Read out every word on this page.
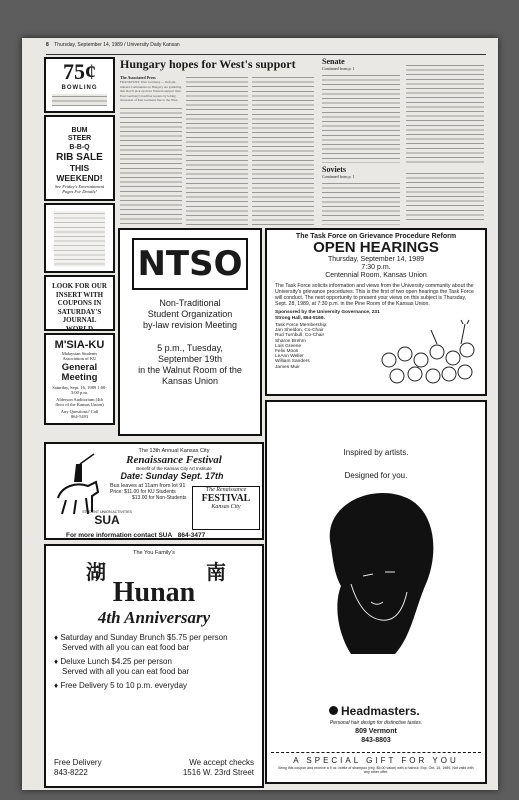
8 Thursday, September 14, 1989 / University Daily Kansan
75¢
BOWLING
BUM
STEER
B-B-Q
RIB SALE
THIS WEEKEND!
See Friday's Entertainment Pages For Details!
LOOK FOR OUR INSERT WITH COUPONS IN SATURDAY'S JOURNAL WORLD
M'SIA-KU
Malaysian Students Association of KU
General Meeting
Saturday, Sept. 16, 1989 1:00-3:00 p.m.
Alderson Auditorium (4th floor of the Kansas Union)
Any Questions? Call 864-5493
Hungary hopes for West's support
The Associated Press
FRANKFURT, West Germany — Reform-minded Communists in Hungary are gambling that they'll pick up more Western support than East Germany's hardline leaders by letting thousands of East Germans flee to the West.
Senate
Continued from p. 1
Soviets
Continued from p. 1
NTSO
Non-Traditional
Student Organization
by-law revision Meeting
5 p.m., Tuesday,
September 19th
in the Walnut Room of the
Kansas Union
The Task Force on Grievance Procedure Reform
OPEN HEARINGS
Thursday, September 14, 1989
7:30 p.m.
Centennial Room, Kansas Union
The Task Force solicits information and views from the University community about the University's grievance procedures. This is the first of two open hearings the Task Force will conduct. The next opportunity to present your views on this subject is Thursday, Sept. 28, 1989, at 7:30 p.m. in the Pine Room of the Kansas Union.
Sponsored by the University Governance, 231 Strong Hall, 864-5169.
Task Force Membership:
Jan Sheldon, Co-Chair
Rud Turnbull, Co-Chair
Sharon Brehm
Lois Greene
Felix Moos
LeAnn Weller
William Sanders
James Muir
Inspired by artists.
Designed for you.
Headmasters.
Personal hair design for distinctive tastes.
809 Vermont
843-8803
A SPECIAL GIFT FOR YOU
Bring this coupon and receive a 9 oz. bottle of shampoo (reg. $5.00 value) with a haircut. Exp. Oct. 15, 1989. Not valid with any other offer.
The 13th Annual Kansas City
Renaissance Festival
Benefit of the Kansas City Art Institute
Date: Sunday Sept. 17th
Bus leaves at 11am from lot 91
Price: $11.00 for KU Students
$13.00 for Non-Students
The Renaissance
FESTIVAL
Kansas City
STUDENT UNION ACTIVITIES
SUA
For more information contact SUA 864-3477
The You Family's
湖	南
Hunan
4th Anniversary
♦ Saturday and Sunday Brunch $5.75 per person
Served with all you can eat food bar
♦ Deluxe Lunch $4.25 per person
Served with all you can eat food bar
♦ Free Delivery 5 to 10 p.m. everyday
Free Delivery	We accept checks
843-8222	1516 W. 23rd Street
